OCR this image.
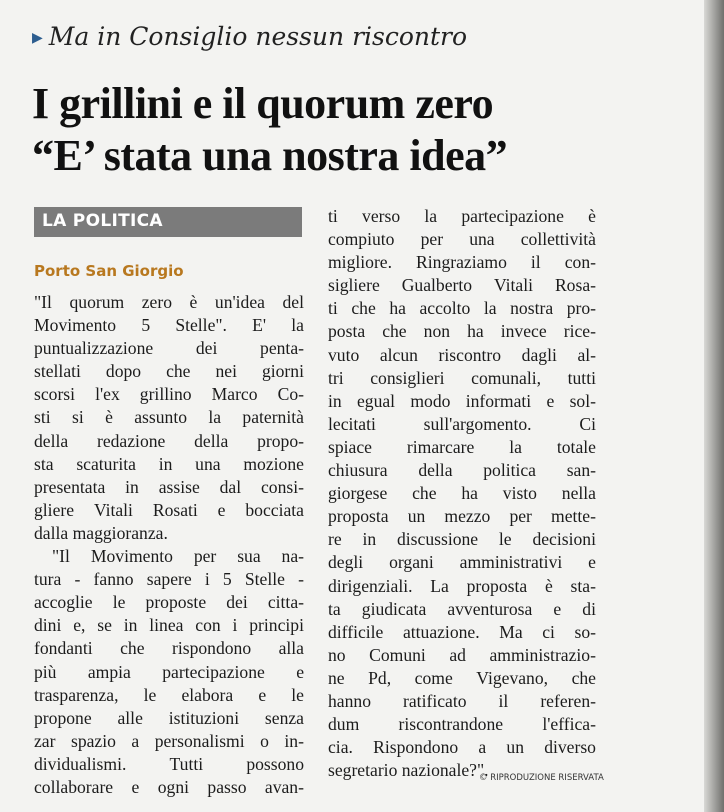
▶ Ma in Consiglio nessun riscontro
I grillini e il quorum zero
“E’ stata una nostra idea”
LA POLITICA
Porto San Giorgio

"Il quorum zero è un'idea del

Movimento 5 Stelle". E' la

puntualizzazione dei penta-

stellati dopo che nei giorni

scorsi l'ex grillino Marco Co-

sti si è assunto la paternità

della redazione della propo-

sta scaturita in una mozione

presentata in assise dal consi-

gliere Vitali Rosati e bocciata

dalla maggioranza.

"Il Movimento per sua na-

tura - fanno sapere i 5 Stelle -

accoglie le proposte dei citta-

dini e, se in linea con i principi

fondanti che rispondono alla

più ampia partecipazione e

trasparenza, le elabora e le

propone alle istituzioni senza

zar spazio a personalismi o in-

dividualismi. Tutti possono

collaborare e ogni passo avan-

ti verso la partecipazione è

compiuto per una collettività

migliore. Ringraziamo il con-

sigliere Gualberto Vitali Rosa-

ti che ha accolto la nostra pro-

posta che non ha invece rice-

vuto alcun riscontro dagli al-

tri consiglieri comunali, tutti

in egual modo informati e sol-

lecitati	sull'argomento.	Ci

spiace rimarcare la totale

chiusura della politica san-

giorgese che ha visto nella

proposta un mezzo per mette-

re in discussione le decisioni

degli organi amministrativi e

dirigenziali. La proposta è sta-

ta giudicata avventurosa e di

difficile attuazione. Ma ci so-

no Comuni ad amministrazio-

ne Pd, come Vigevano, che

hanno ratificato il referen-

dum riscontrandone l'effica-

cia. Rispondono a un diverso

segretario nazionale?".

© RIPRODUZIONE RISERVATA
